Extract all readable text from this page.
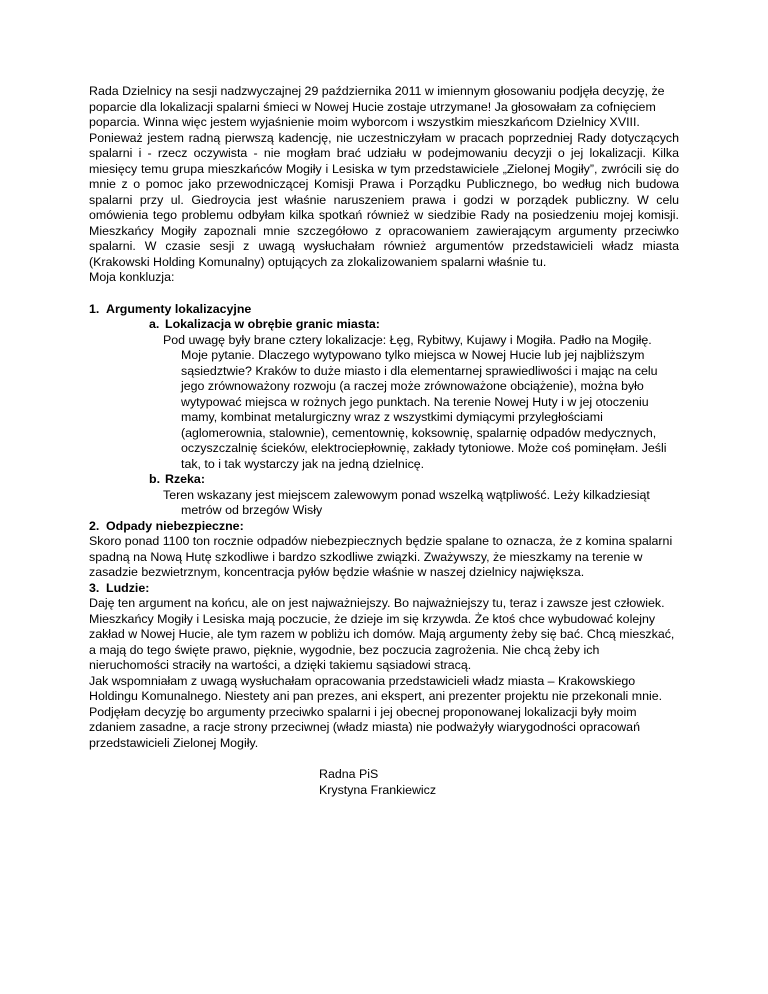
Rada Dzielnicy na sesji nadzwyczajnej 29 października 2011 w imiennym głosowaniu podjęła decyzję, że poparcie dla lokalizacji spalarni śmieci w Nowej Hucie zostaje utrzymane! Ja głosowałam za cofnięciem poparcia. Winna więc jestem wyjaśnienie moim wyborcom i wszystkim mieszkańcom Dzielnicy XVIII.

Ponieważ jestem radną pierwszą kadencję, nie uczestniczyłam w pracach poprzedniej Rady dotyczących spalarni i - rzecz oczywista - nie mogłam brać udziału w podejmowaniu decyzji o jej lokalizacji. Kilka miesięcy temu grupa mieszkańców Mogiły i Lesiska w tym przedstawiciele „Zielonej Mogiły”, zwrócili się do mnie z o pomoc jako przewodniczącej Komisji Prawa i Porządku Publicznego, bo według nich budowa spalarni przy ul. Giedroycia jest właśnie naruszeniem prawa i godzi w porządek publiczny. W celu omówienia tego problemu odbyłam kilka spotkań również w siedzibie Rady na posiedzeniu mojej komisji. Mieszkańcy Mogiły zapoznali mnie szczegółowo z opracowaniem zawierającym argumenty przeciwko spalarni. W czasie sesji z uwagą wysłuchałam również argumentów przedstawicieli władz miasta (Krakowski Holding Komunalny) optujących za zlokalizowaniem spalarni właśnie tu.

Moja konkluzja:

1. Argumenty lokalizacyjne
a. Lokalizacja w obrębie granic miasta:

Pod uwagę były brane cztery lokalizacje: Łęg, Rybitwy, Kujawy i Mogiła. Padło na Mogiłę.

Moje pytanie. Dlaczego wytypowano tylko miejsca w Nowej Hucie lub jej najbliższym sąsiedztwie? Kraków to duże miasto i dla elementarnej sprawiedliwości i mając na celu jego zrównoważony rozwoju (a raczej może zrównoważone obciążenie), można było wytypować miejsca w rożnych jego punktach. Na terenie Nowej Huty i w jej otoczeniu mamy, kombinat metalurgiczny wraz z wszystkimi dymiącymi przyległościami (aglomerownia, stalownie), cementownię, koksownię, spalarnię odpadów medycznych, oczyszczalnię ścieków, elektrociepłownię, zakłady tytoniowe. Może coś pominęłam. Jeśli tak, to i tak wystarczy jak na jedną dzielnicę.

b. Rzeka:

Teren wskazany jest miejscem zalewowym ponad wszelką wątpliwość. Leży kilkadziesiąt

metrów od brzegów Wisły

2. Odpady niebezpieczne:

Skoro ponad 1100 ton rocznie odpadów niebezpiecznych będzie spalane to oznacza, że z komina spalarni spadną na Nową Hutę szkodliwe i bardzo szkodliwe związki. Zważywszy, że mieszkamy na terenie w zasadzie bezwietrznym, koncentracja pyłów będzie właśnie w naszej dzielnicy największa.

3. Ludzie:

Daję ten argument na końcu, ale on jest najważniejszy. Bo najważniejszy tu, teraz i zawsze jest człowiek. Mieszkańcy Mogiły i Lesiska mają poczucie, że dzieje im się krzywda. Że ktoś chce wybudować kolejny zakład w Nowej Hucie, ale tym razem w pobliżu ich domów. Mają argumenty żeby się bać. Chcą mieszkać, a mają do tego święte prawo, pięknie, wygodnie, bez poczucia zagrożenia. Nie chcą żeby ich nieruchomości straciły na wartości, a dzięki takiemu sąsiadowi stracą.

Jak wspomniałam z uwagą wysłuchałam opracowania przedstawicieli władz miasta – Krakowskiego Holdingu Komunalnego. Niestety ani pan prezes, ani ekspert, ani prezenter projektu nie przekonali mnie.

Podjęłam decyzję bo argumenty przeciwko spalarni i jej obecnej proponowanej lokalizacji były moim zdaniem zasadne, a racje strony przeciwnej (władz miasta) nie podważyły wiarygodności opracowań przedstawicieli Zielonej Mogiły.

Radna PiS

Krystyna Frankiewicz
